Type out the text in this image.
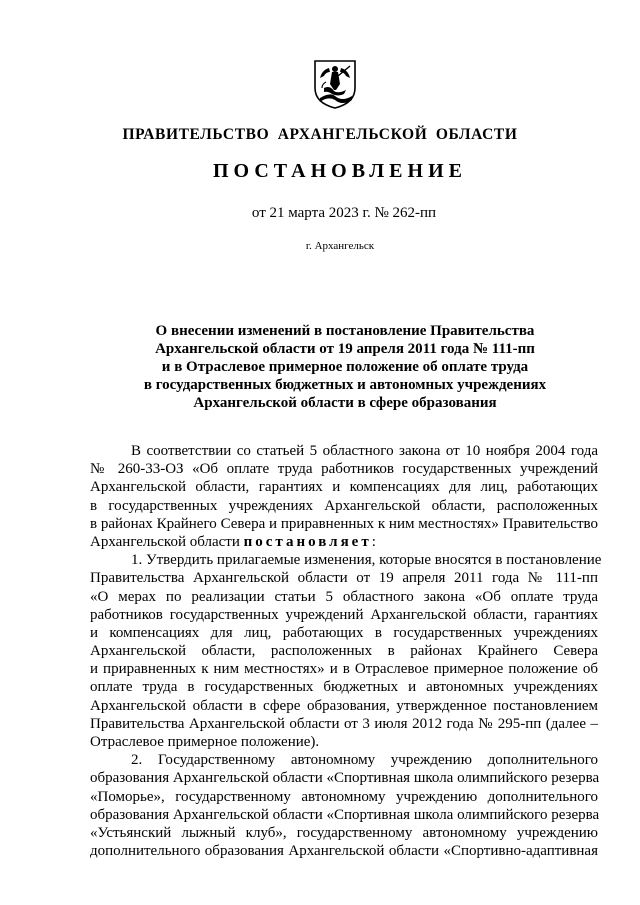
ПРАВИТЕЛЬСТВО АРХАНГЕЛЬСКОЙ ОБЛАСТИ
ПОСТАНОВЛЕНИЕ
от 21 марта 2023 г. № 262-пп
г. Архангельск
О внесении изменений в постановление Правительства
Архангельской области от 19 апреля 2011 года № 111-пп
и в Отраслевое примерное положение об оплате труда
в государственных бюджетных и автономных учреждениях
Архангельской области в сфере образования
В соответствии со статьей 5 областного закона от 10 ноября 2004 года
№ 260-33-ОЗ «Об оплате труда работников государственных учреждений
Архангельской области, гарантиях и компенсациях для лиц, работающих
в государственных учреждениях Архангельской области, расположенных
в районах Крайнего Севера и приравненных к ним местностях» Правительство
Архангельской области постановляет:
1. Утвердить прилагаемые изменения, которые вносятся в постановление
Правительства Архангельской области от 19 апреля 2011 года № 111-пп
«О мерах по реализации статьи 5 областного закона «Об оплате труда
работников государственных учреждений Архангельской области, гарантиях
и компенсациях для лиц, работающих в государственных учреждениях
Архангельской области, расположенных в районах Крайнего Севера
и приравненных к ним местностях» и в Отраслевое примерное положение об
оплате труда в государственных бюджетных и автономных учреждениях
Архангельской области в сфере образования, утвержденное постановлением
Правительства Архангельской области от 3 июля 2012 года № 295-пп (далее –
Отраслевое примерное положение).
2. Государственному автономному учреждению дополнительного
образования Архангельской области «Спортивная школа олимпийского резерва
«Поморье», государственному автономному учреждению дополнительного
образования Архангельской области «Спортивная школа олимпийского резерва
«Устьянский лыжный клуб», государственному автономному учреждению
дополнительного образования Архангельской области «Спортивно-адаптивная
